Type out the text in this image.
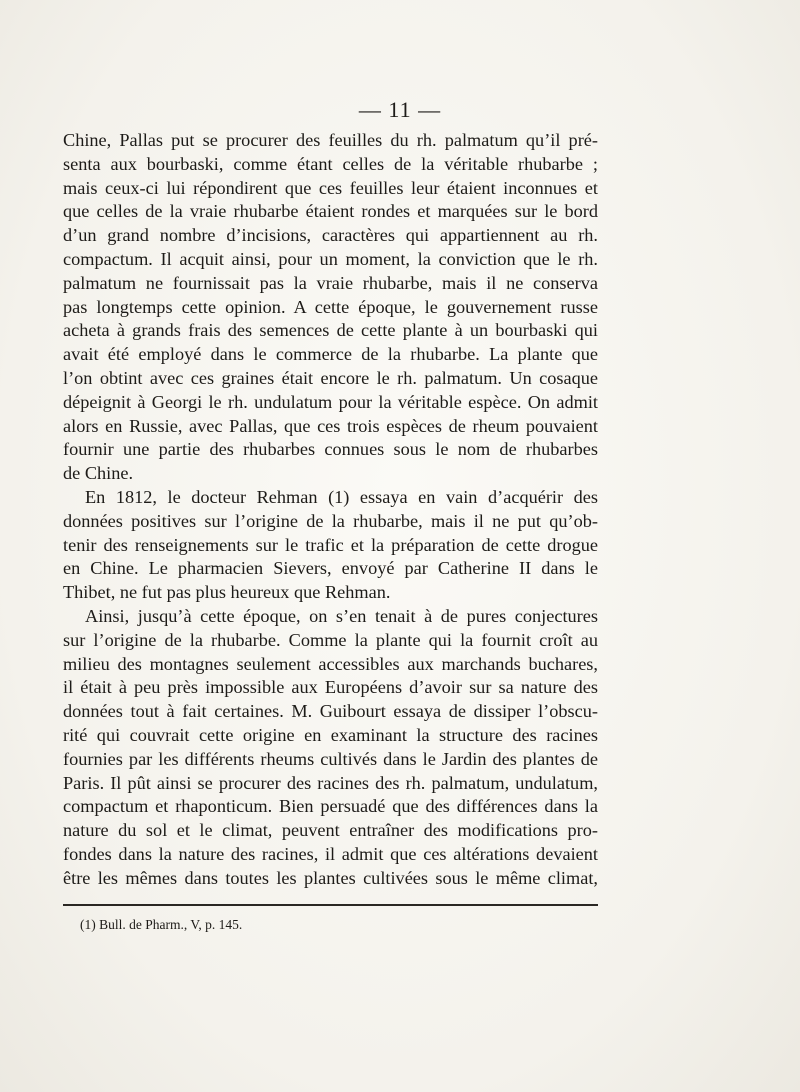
— 11 —
Chine, Pallas put se procurer des feuilles du rh. palmatum qu’il pré-
senta aux bourbaski, comme étant celles de la véritable rhubarbe ;
mais ceux-ci lui répondirent que ces feuilles leur étaient inconnues et
que celles de la vraie rhubarbe étaient rondes et marquées sur le bord
d’un grand nombre d’incisions, caractères qui appartiennent au rh.
compactum. Il acquit ainsi, pour un moment, la conviction que le rh.
palmatum ne fournissait pas la vraie rhubarbe, mais il ne conserva
pas longtemps cette opinion. A cette époque, le gouvernement russe
acheta à grands frais des semences de cette plante à un bourbaski qui
avait été employé dans le commerce de la rhubarbe. La plante que
l’on obtint avec ces graines était encore le rh. palmatum. Un cosaque
dépeignit à Georgi le rh. undulatum pour la véritable espèce. On admit
alors en Russie, avec Pallas, que ces trois espèces de rheum pouvaient
fournir une partie des rhubarbes connues sous le nom de rhubarbes
de Chine.
En 1812, le docteur Rehman (1) essaya en vain d’acquérir des
données positives sur l’origine de la rhubarbe, mais il ne put qu’ob-
tenir des renseignements sur le trafic et la préparation de cette drogue
en Chine. Le pharmacien Sievers, envoyé par Catherine II dans le
Thibet, ne fut pas plus heureux que Rehman.
Ainsi, jusqu’à cette époque, on s’en tenait à de pures conjectures
sur l’origine de la rhubarbe. Comme la plante qui la fournit croît au
milieu des montagnes seulement accessibles aux marchands buchares,
il était à peu près impossible aux Européens d’avoir sur sa nature des
données tout à fait certaines. M. Guibourt essaya de dissiper l’obscu-
rité qui couvrait cette origine en examinant la structure des racines
fournies par les différents rheums cultivés dans le Jardin des plantes de
Paris. Il pût ainsi se procurer des racines des rh. palmatum, undulatum,
compactum et rhaponticum. Bien persuadé que des différences dans la
nature du sol et le climat, peuvent entraîner des modifications pro-
fondes dans la nature des racines, il admit que ces altérations devaient
être les mêmes dans toutes les plantes cultivées sous le même climat,
(1) Bull. de Pharm., V, p. 145.
